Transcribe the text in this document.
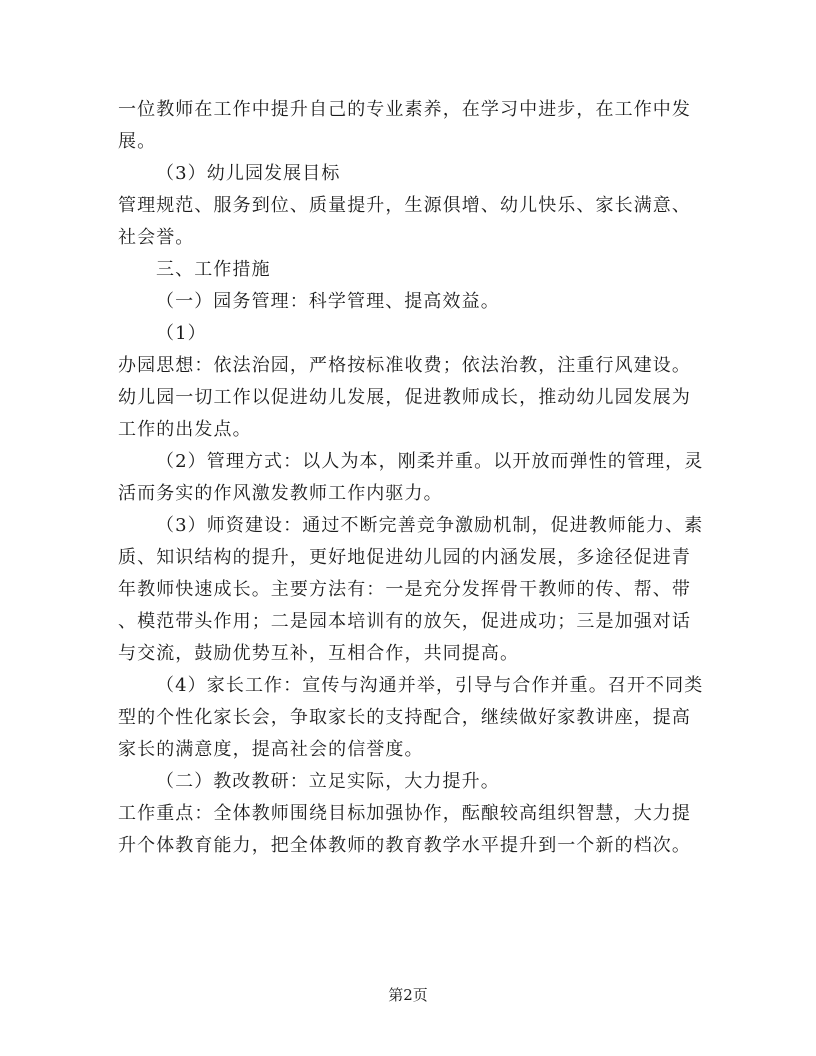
一位教师在工作中提升自己的专业素养，在学习中进步，在工作中发
展。
（3）幼儿园发展目标
管理规范、服务到位、质量提升，生源俱增、幼儿快乐、家长满意、
社会誉。
三、工作措施
（一）园务管理：科学管理、提高效益。
（1）
办园思想：依法治园，严格按标准收费；依法治教，注重行风建设。
幼儿园一切工作以促进幼儿发展，促进教师成长，推动幼儿园发展为
工作的出发点。
（2）管理方式：以人为本，刚柔并重。以开放而弹性的管理，灵
活而务实的作风激发教师工作内驱力。
（3）师资建设：通过不断完善竞争激励机制，促进教师能力、素
质、知识结构的提升，更好地促进幼儿园的内涵发展，多途径促进青
年教师快速成长。主要方法有：一是充分发挥骨干教师的传、帮、带
、模范带头作用；二是园本培训有的放矢，促进成功；三是加强对话
与交流，鼓励优势互补，互相合作，共同提高。
（4）家长工作：宣传与沟通并举，引导与合作并重。召开不同类
型的个性化家长会，争取家长的支持配合，继续做好家教讲座，提高
家长的满意度，提高社会的信誉度。
（二）教改教研：立足实际，大力提升。
工作重点：全体教师围绕目标加强协作，酝酿较高组织智慧，大力提
升个体教育能力，把全体教师的教育教学水平提升到一个新的档次。
第2页
